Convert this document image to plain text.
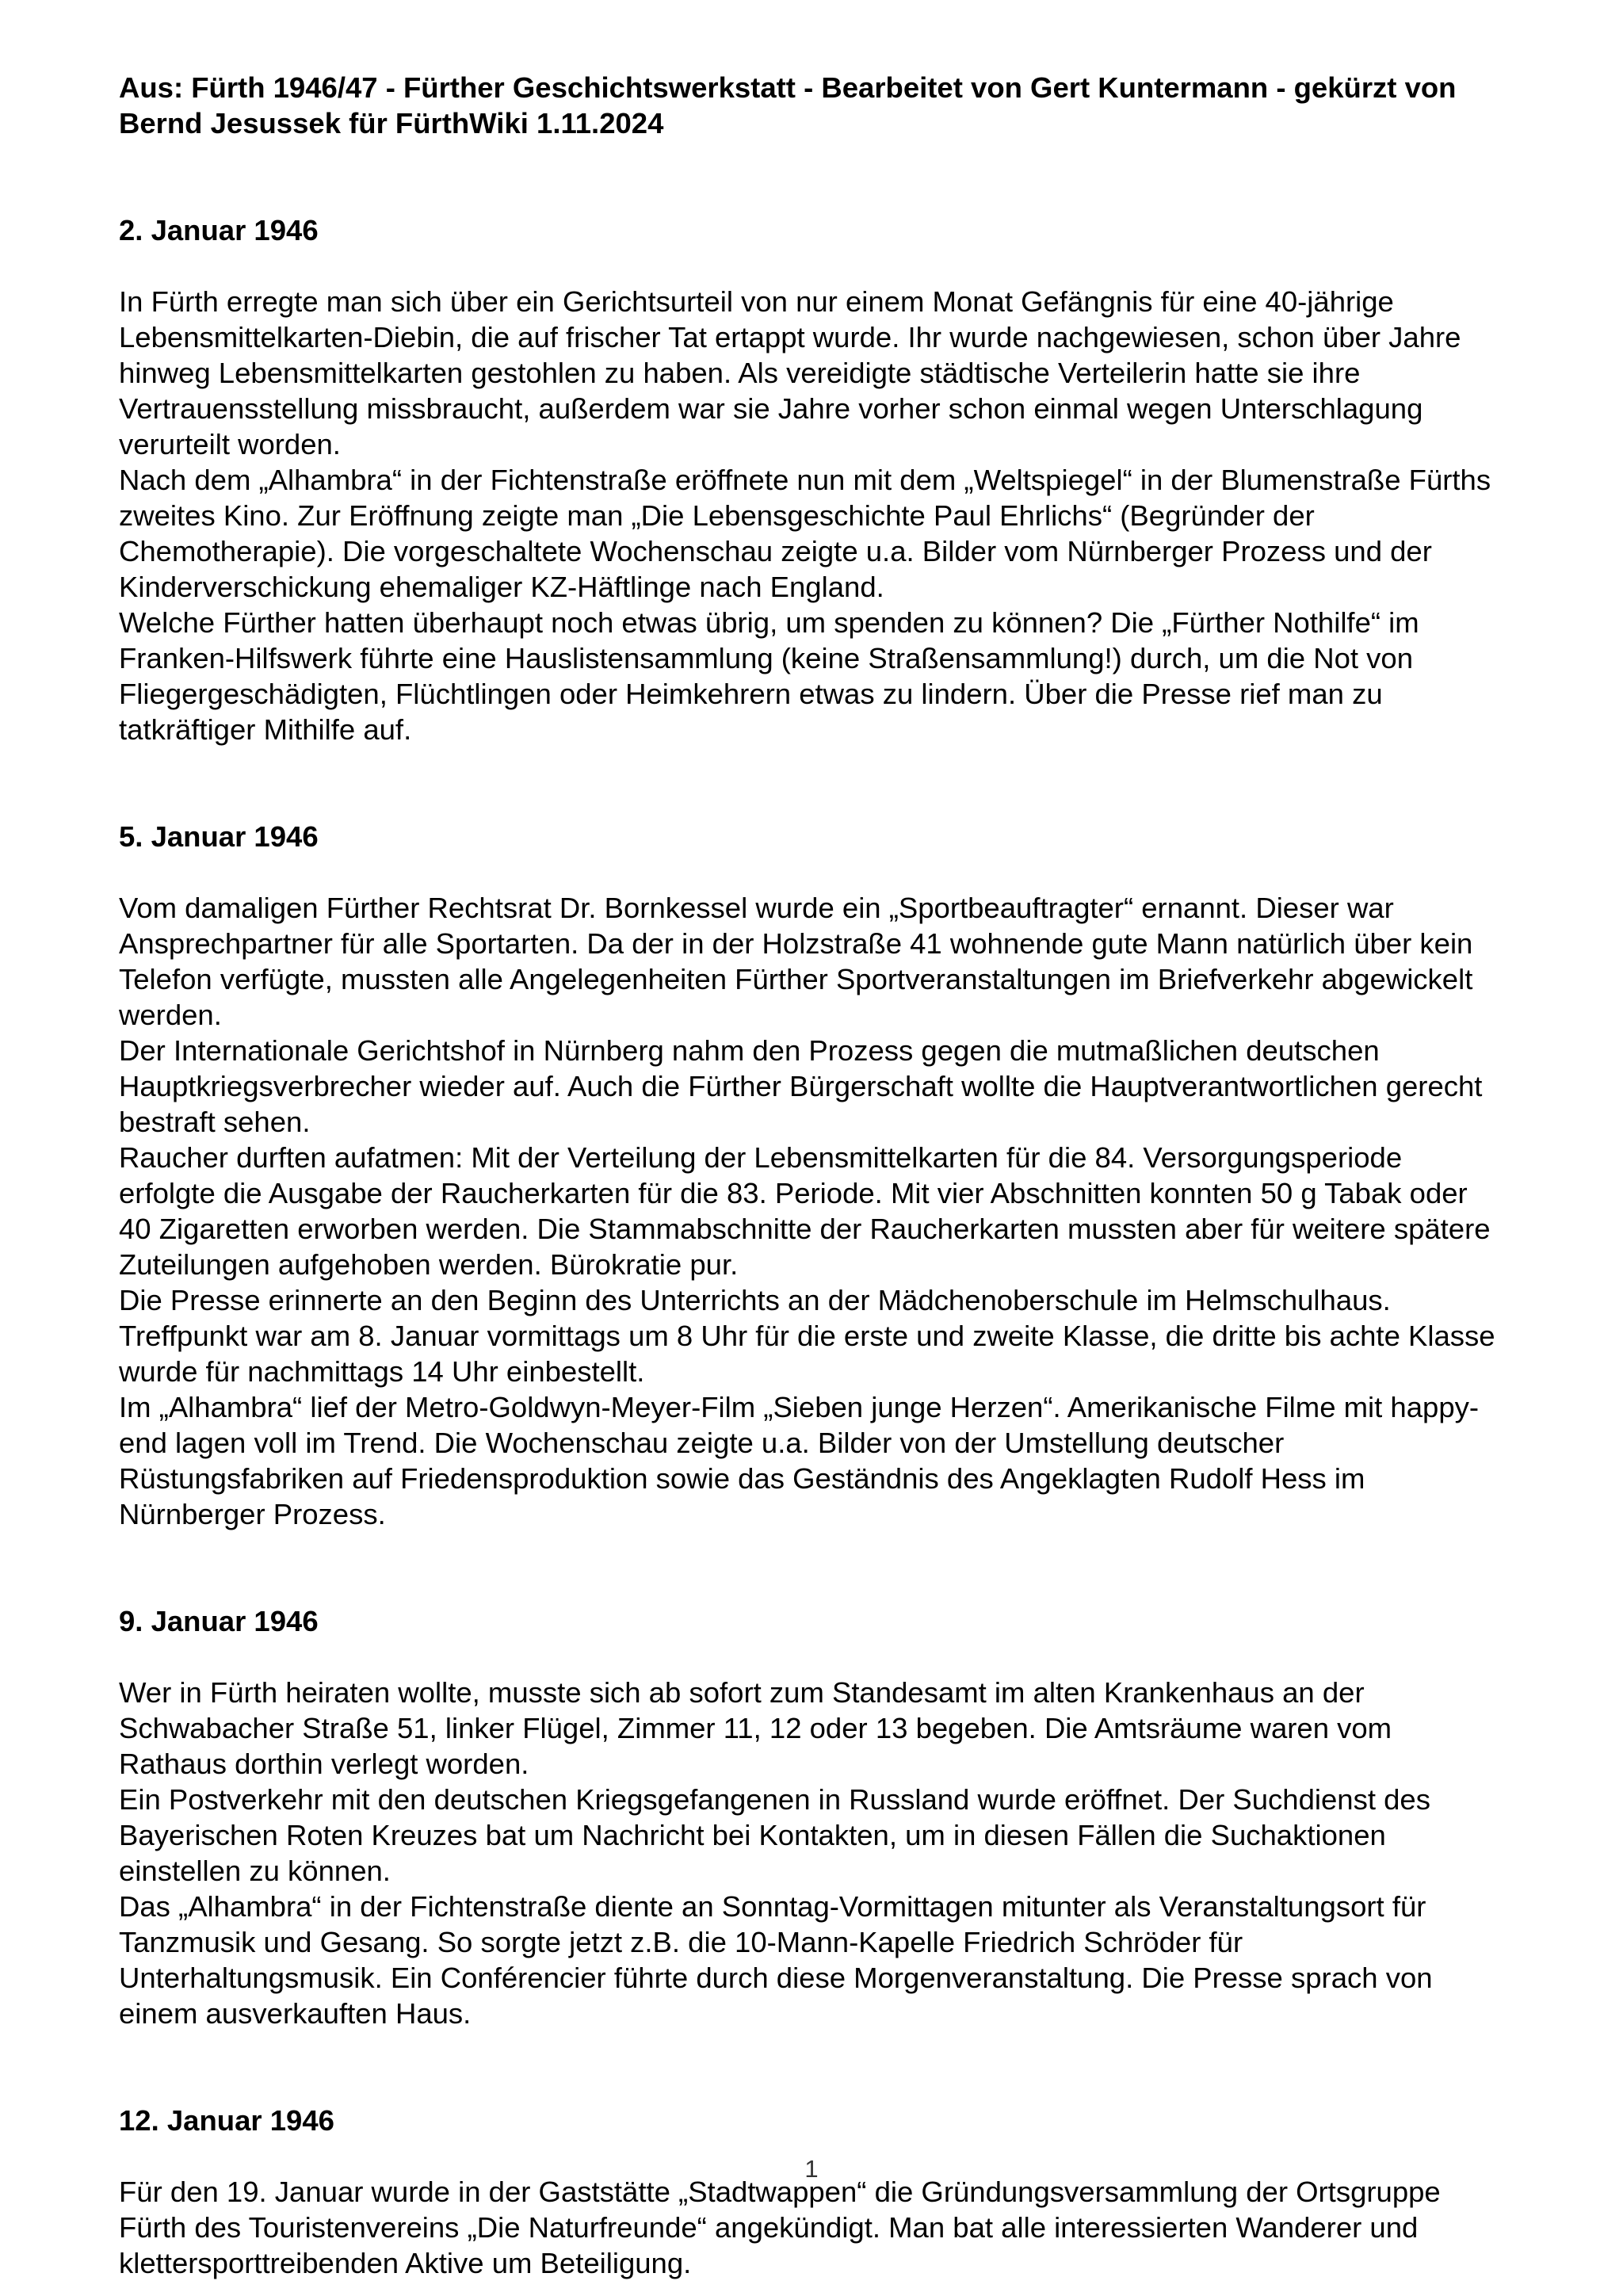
Aus: Fürth 1946/47 - Fürther Geschichtswerkstatt - Bearbeitet von Gert Kuntermann - gekürzt von Bernd Jesussek für FürthWiki 1.11.2024

2. Januar 1946

In Fürth erregte man sich über ein Gerichtsurteil von nur einem Monat Gefängnis für eine 40-jährige Lebensmittelkarten-Diebin, die auf frischer Tat ertappt wurde. Ihr wurde nachgewiesen, schon über Jahre hinweg Lebensmittelkarten gestohlen zu haben. Als vereidigte städtische Verteilerin hatte sie ihre Vertrauensstellung missbraucht, außerdem war sie Jahre vorher schon einmal wegen Unterschlagung verurteilt worden.

Nach dem „Alhambra“ in der Fichtenstraße eröffnete nun mit dem „Weltspiegel“ in der Blumenstraße Fürths zweites Kino. Zur Eröffnung zeigte man „Die Lebensgeschichte Paul Ehrlichs“ (Begründer der Chemotherapie). Die vorgeschaltete Wochenschau zeigte u.a. Bilder vom Nürnberger Prozess und der Kinderverschickung ehemaliger KZ-Häftlinge nach England.

Welche Fürther hatten überhaupt noch etwas übrig, um spenden zu können? Die „Fürther Nothilfe“ im Franken-Hilfswerk führte eine Hauslistensammlung (keine Straßensammlung!) durch, um die Not von Fliegergeschädigten, Flüchtlingen oder Heimkehrern etwas zu lindern. Über die Presse rief man zu tatkräftiger Mithilfe auf.

5. Januar 1946

Vom damaligen Fürther Rechtsrat Dr. Bornkessel wurde ein „Sportbeauftragter“ ernannt. Dieser war Ansprechpartner für alle Sportarten. Da der in der Holzstraße 41 wohnende gute Mann natürlich über kein Telefon verfügte, mussten alle Angelegenheiten Fürther Sportveranstaltungen im Briefverkehr abgewickelt werden.

Der Internationale Gerichtshof in Nürnberg nahm den Prozess gegen die mutmaßlichen deutschen Hauptkriegsverbrecher wieder auf. Auch die Fürther Bürgerschaft wollte die Hauptverantwortlichen gerecht bestraft sehen.

Raucher durften aufatmen: Mit der Verteilung der Lebensmittelkarten für die 84. Versorgungsperiode erfolgte die Ausgabe der Raucherkarten für die 83. Periode. Mit vier Abschnitten konnten 50 g Tabak oder 40 Zigaretten erworben werden. Die Stammabschnitte der Raucherkarten mussten aber für weitere spätere Zuteilungen aufgehoben werden. Bürokratie pur.

Die Presse erinnerte an den Beginn des Unterrichts an der Mädchenoberschule im Helmschulhaus. Treffpunkt war am 8. Januar vormittags um 8 Uhr für die erste und zweite Klasse, die dritte bis achte Klasse wurde für nachmittags 14 Uhr einbestellt.

Im „Alhambra“ lief der Metro-Goldwyn-Meyer-Film „Sieben junge Herzen“. Amerikanische Filme mit happy-end lagen voll im Trend. Die Wochenschau zeigte u.a. Bilder von der Umstellung deutscher Rüstungsfabriken auf Friedensproduktion sowie das Geständnis des Angeklagten Rudolf Hess im Nürnberger Prozess.

9. Januar 1946

Wer in Fürth heiraten wollte, musste sich ab sofort zum Standesamt im alten Krankenhaus an der Schwabacher Straße 51, linker Flügel, Zimmer 11, 12 oder 13 begeben. Die Amtsräume waren vom Rathaus dorthin verlegt worden.

Ein Postverkehr mit den deutschen Kriegsgefangenen in Russland wurde eröffnet. Der Suchdienst des Bayerischen Roten Kreuzes bat um Nachricht bei Kontakten, um in diesen Fällen die Suchaktionen einstellen zu können.

Das „Alhambra“ in der Fichtenstraße diente an Sonntag-Vormittagen mitunter als Veranstaltungsort für Tanzmusik und Gesang. So sorgte jetzt z.B. die 10-Mann-Kapelle Friedrich Schröder für Unterhaltungsmusik. Ein Conférencier führte durch diese Morgenveranstaltung. Die Presse sprach von einem ausverkauften Haus.

12. Januar 1946

Für den 19. Januar wurde in der Gaststätte „Stadtwappen“ die Gründungsversammlung der Ortsgruppe Fürth des Touristenvereins „Die Naturfreunde“ angekündigt. Man bat alle interessierten Wanderer und klettersporttreibenden Aktive um Beteiligung.

1
